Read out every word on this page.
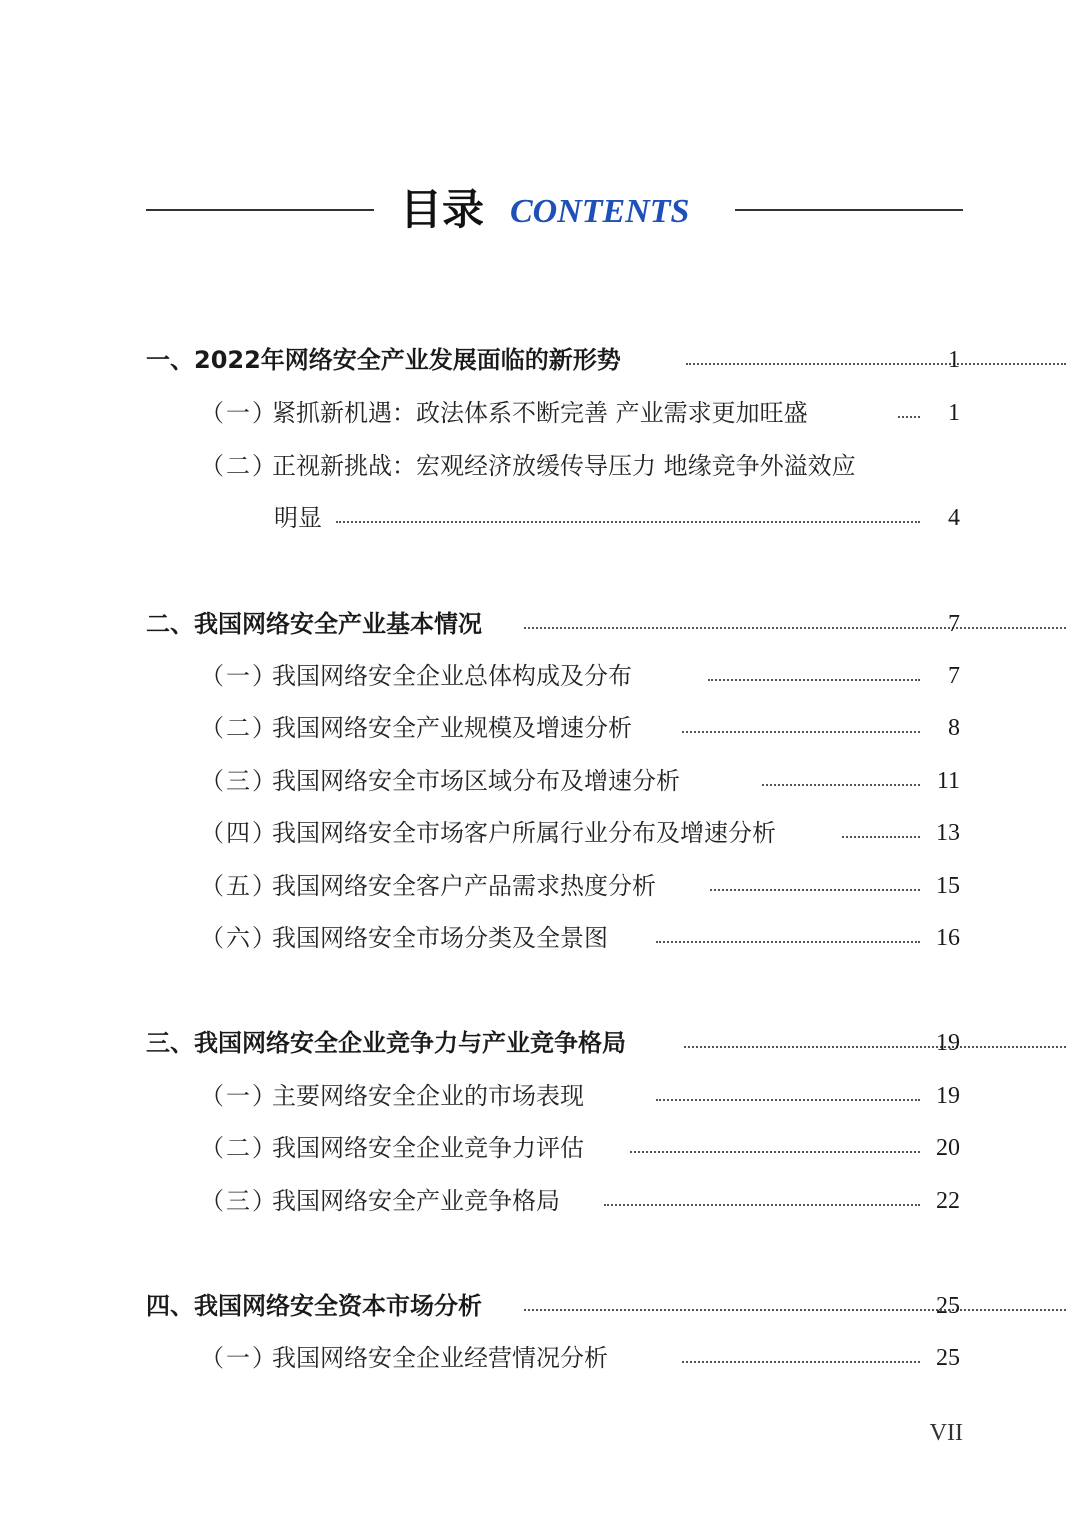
目录 CONTENTS
一、2022年网络安全产业发展面临的新形势	1
（一）紧抓新机遇：政法体系不断完善 产业需求更加旺盛	1
（二）正视新挑战：宏观经济放缓传导压力 地缘竞争外溢效应
明显	4
二、我国网络安全产业基本情况	7
（一）我国网络安全企业总体构成及分布	7
（二）我国网络安全产业规模及增速分析	8
（三）我国网络安全市场区域分布及增速分析	11
（四）我国网络安全市场客户所属行业分布及增速分析	13
（五）我国网络安全客户产品需求热度分析	15
（六）我国网络安全市场分类及全景图	16
三、我国网络安全企业竞争力与产业竞争格局	19
（一）主要网络安全企业的市场表现	19
（二）我国网络安全企业竞争力评估	20
（三）我国网络安全产业竞争格局	22
四、我国网络安全资本市场分析	25
（一）我国网络安全企业经营情况分析	25
VII
